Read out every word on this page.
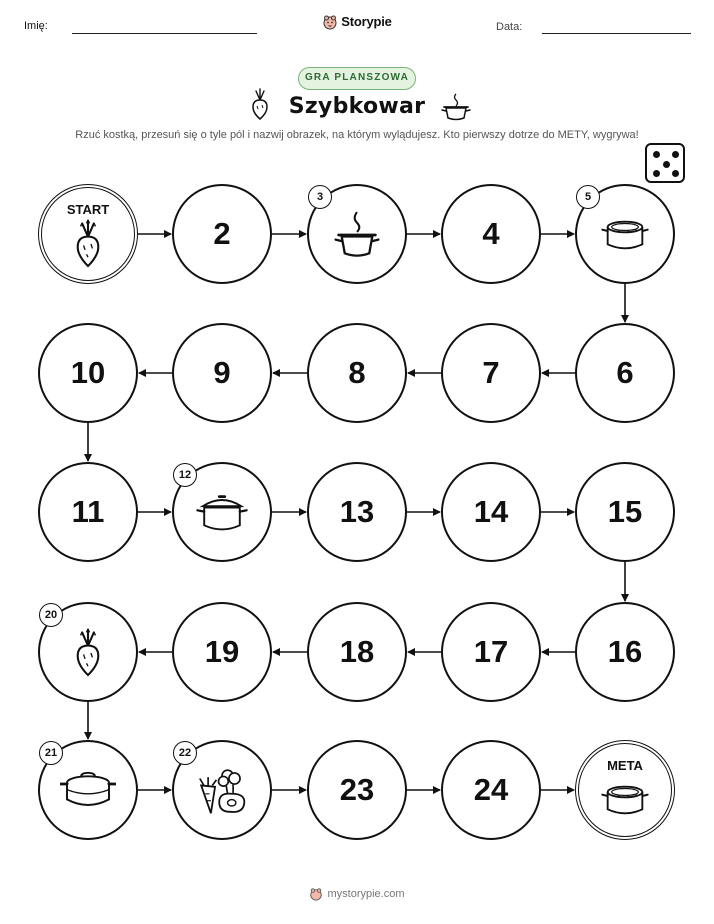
Imię:	Storypie	Data:
GRA PLANSZOWA
Szybkowar
Rzuć kostką, przesuń się o tyle pól i nazwij obrazek, na którym wylądujesz. Kto pierwszy dotrze do METY, wygrywa!
START
2
3
4
5
6
7
8
9
10
11
12
13	14	15
16
17
18
19
20
21	22
23	24
META
mystorypie.com
